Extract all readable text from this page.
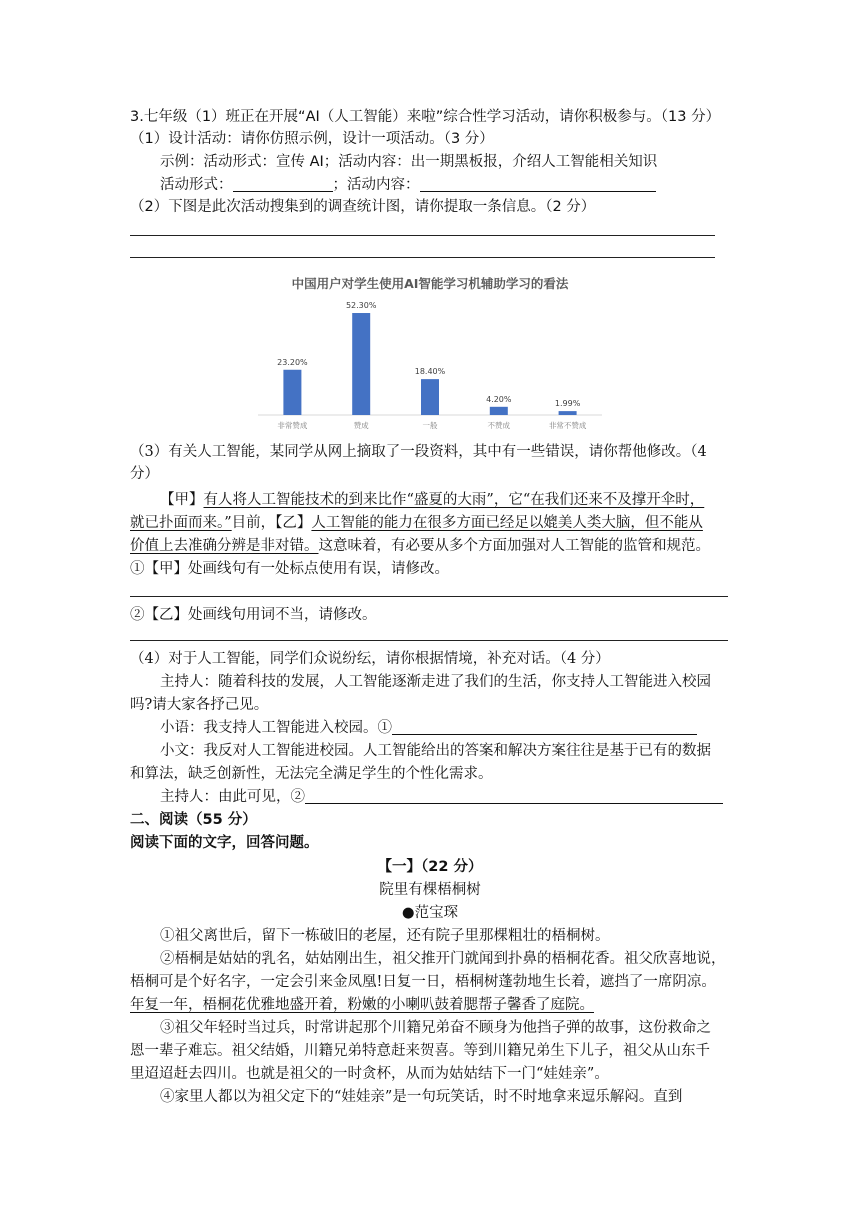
3.七年级（1）班正在开展“AI（人工智能）来啦”综合性学习活动，请你积极参与。（13 分）
（1）设计活动：请你仿照示例，设计一项活动。（3 分）
示例：活动形式：宣传 AI；活动内容：出一期黑板报，介绍人工智能相关知识
活动形式：	；活动内容：
（2）下图是此次活动搜集到的调查统计图，请你提取一条信息。（2 分）
中国用户对学生使用AI智能学习机辅助学习的看法
23.20%
非常赞成
52.30%
赞成
18.40%
一般
4.20%
不赞成
1.99%
非常不赞成
（3）有关人工智能，某同学从网上摘取了一段资料，其中有一些错误，请你帮他修改。（4
分）
【甲】有人将人工智能技术的到来比作“盛夏的大雨”，它“在我们还来不及撑开伞时，
就已扑面而来。”目前，【乙】人工智能的能力在很多方面已经足以媲美人类大脑，但不能从
价值上去准确分辨是非对错。这意味着，有必要从多个方面加强对人工智能的监管和规范。
①【甲】处画线句有一处标点使用有误，请修改。
②【乙】处画线句用词不当，请修改。
（4）对于人工智能，同学们众说纷纭，请你根据情境，补充对话。（4 分）
主持人：随着科技的发展，人工智能逐渐走进了我们的生活，你支持人工智能进入校园
吗?请大家各抒己见。
小语：我支持人工智能进入校园。①
小文：我反对人工智能进校园。人工智能给出的答案和解决方案往往是基于已有的数据
和算法，缺乏创新性，无法完全满足学生的个性化需求。
主持人：由此可见，②
二、阅读（55 分）
阅读下面的文字，回答问题。
【一】（22 分）
院里有棵梧桐树
●范宝琛
①祖父离世后，留下一栋破旧的老屋，还有院子里那棵粗壮的梧桐树。
②梧桐是姑姑的乳名，姑姑刚出生，祖父推开门就闻到扑鼻的梧桐花香。祖父欣喜地说，
梧桐可是个好名字，一定会引来金凤凰!日复一日，梧桐树蓬勃地生长着，遮挡了一席阴凉。
年复一年，梧桐花优雅地盛开着，粉嫩的小喇叭鼓着腮帮子馨香了庭院。
③祖父年轻时当过兵，时常讲起那个川籍兄弟奋不顾身为他挡子弹的故事，这份救命之
恩一辈子难忘。祖父结婚，川籍兄弟特意赶来贺喜。等到川籍兄弟生下儿子，祖父从山东千
里迢迢赶去四川。也就是祖父的一时贪杯，从而为姑姑结下一门“娃娃亲”。
④家里人都以为祖父定下的“娃娃亲”是一句玩笑话，时不时地拿来逗乐解闷。直到
